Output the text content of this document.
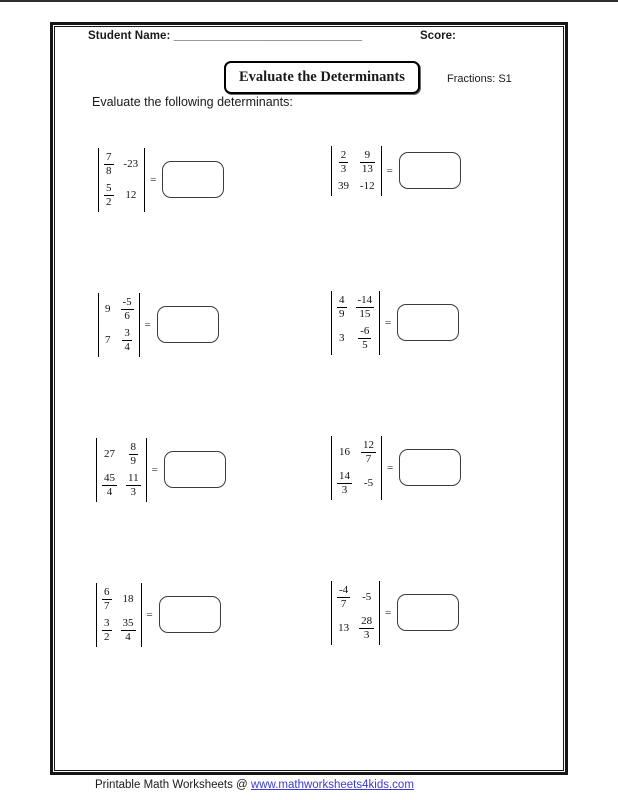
Student Name: _____________________________	Score:
Evaluate the Determinants	Fractions: S1
Evaluate the following determinants:
$\frac{7}{8} -23$
$\frac{5}{2} 12$
=
$\frac{2}{3} \frac{9}{13}$
39 -12
=
$9 \frac{-5}{6}$
$7 \frac{3}{4}$
=
$\frac{4}{9} \frac{-14}{15}$
$3 \frac{-6}{5}$
=
$27 \frac{8}{9}$
$\frac{45}{4} \frac{11}{3}$
=
$16 \frac{12}{7}$
$\frac{14}{3} -5$
=
$\frac{6}{7} 18$
$\frac{3}{2} \frac{35}{4}$
=
$\frac{-4}{7} -5$
$13 \frac{28}{3}$
=
Printable Math Worksheets @ www.mathworksheets4kids.com
